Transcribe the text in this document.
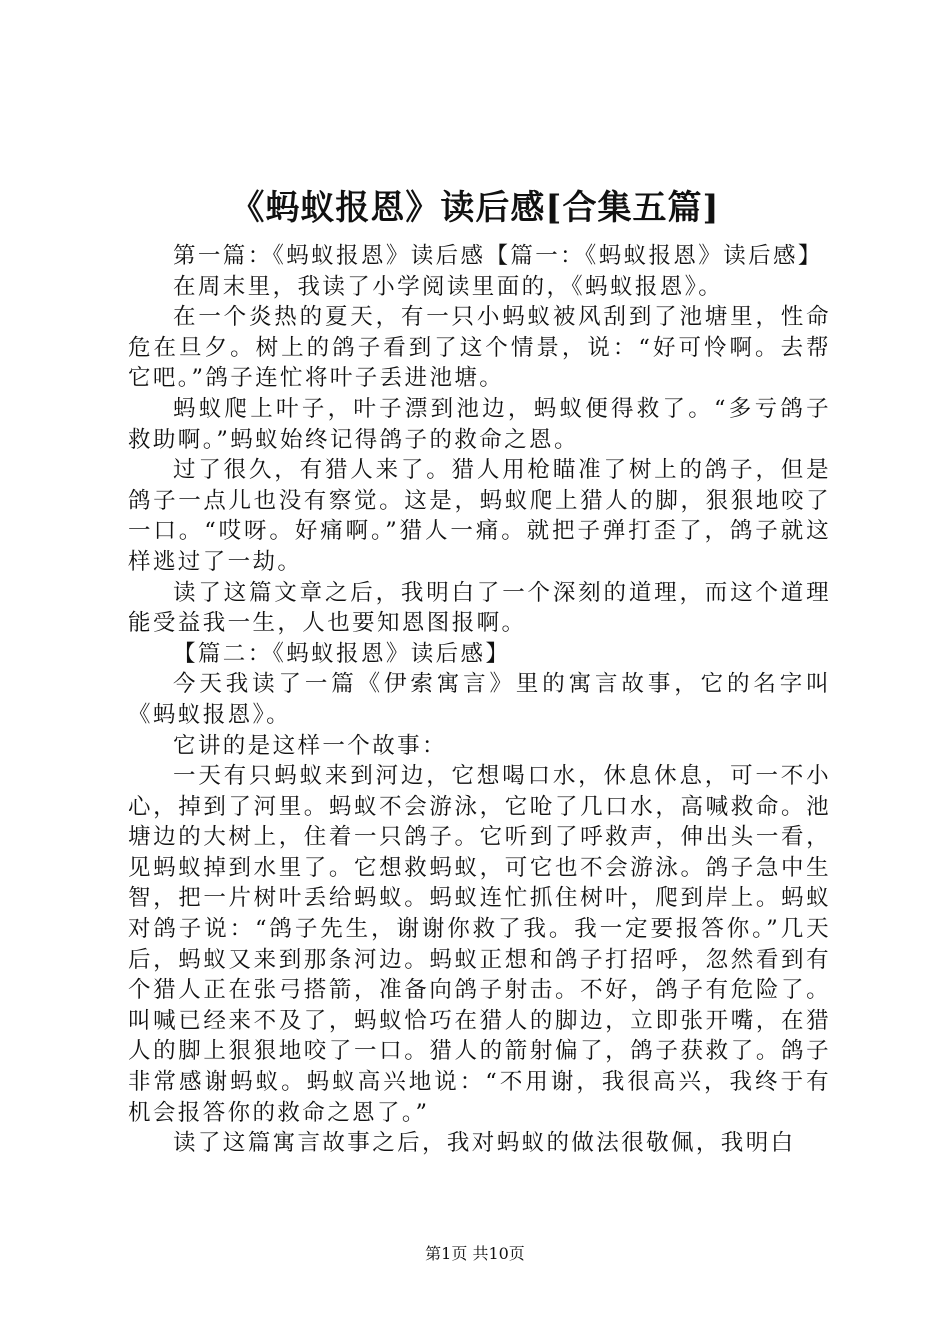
《蚂蚁报恩》读后感[合集五篇]

第一篇：《蚂蚁报恩》读后感【篇一：《蚂蚁报恩》读后感】

在周末里，我读了小学阅读里面的，《蚂蚁报恩》。

在一个炎热的夏天，有一只小蚂蚁被风刮到了池塘里，性命危在旦夕。树上的鸽子看到了这个情景，说：“好可怜啊。去帮它吧。”鸽子连忙将叶子丢进池塘。

蚂蚁爬上叶子，叶子漂到池边，蚂蚁便得救了。“多亏鸽子救助啊。”蚂蚁始终记得鸽子的救命之恩。

过了很久，有猎人来了。猎人用枪瞄准了树上的鸽子，但是鸽子一点儿也没有察觉。这是，蚂蚁爬上猎人的脚，狠狠地咬了一口。“哎呀。好痛啊。”猎人一痛。就把子弹打歪了，鸽子就这样逃过了一劫。

读了这篇文章之后，我明白了一个深刻的道理，而这个道理能受益我一生，人也要知恩图报啊。

【篇二：《蚂蚁报恩》读后感】

今天我读了一篇《伊索寓言》里的寓言故事，它的名字叫《蚂蚁报恩》。

它讲的是这样一个故事：

一天有只蚂蚁来到河边，它想喝口水，休息休息，可一不小心，掉到了河里。蚂蚁不会游泳，它呛了几口水，高喊救命。池塘边的大树上，住着一只鸽子。它听到了呼救声，伸出头一看，见蚂蚁掉到水里了。它想救蚂蚁，可它也不会游泳。鸽子急中生智，把一片树叶丢给蚂蚁。蚂蚁连忙抓住树叶，爬到岸上。蚂蚁对鸽子说：“鸽子先生，谢谢你救了我。我一定要报答你。”几天后，蚂蚁又来到那条河边。蚂蚁正想和鸽子打招呼，忽然看到有个猎人正在张弓搭箭，准备向鸽子射击。不好，鸽子有危险了。叫喊已经来不及了，蚂蚁恰巧在猎人的脚边，立即张开嘴，在猎人的脚上狠狠地咬了一口。猎人的箭射偏了，鸽子获救了。鸽子非常感谢蚂蚁。蚂蚁高兴地说：“不用谢，我很高兴，我终于有机会报答你的救命之恩了。”

读了这篇寓言故事之后，我对蚂蚁的做法很敬佩，我明白

第1页 共10页
